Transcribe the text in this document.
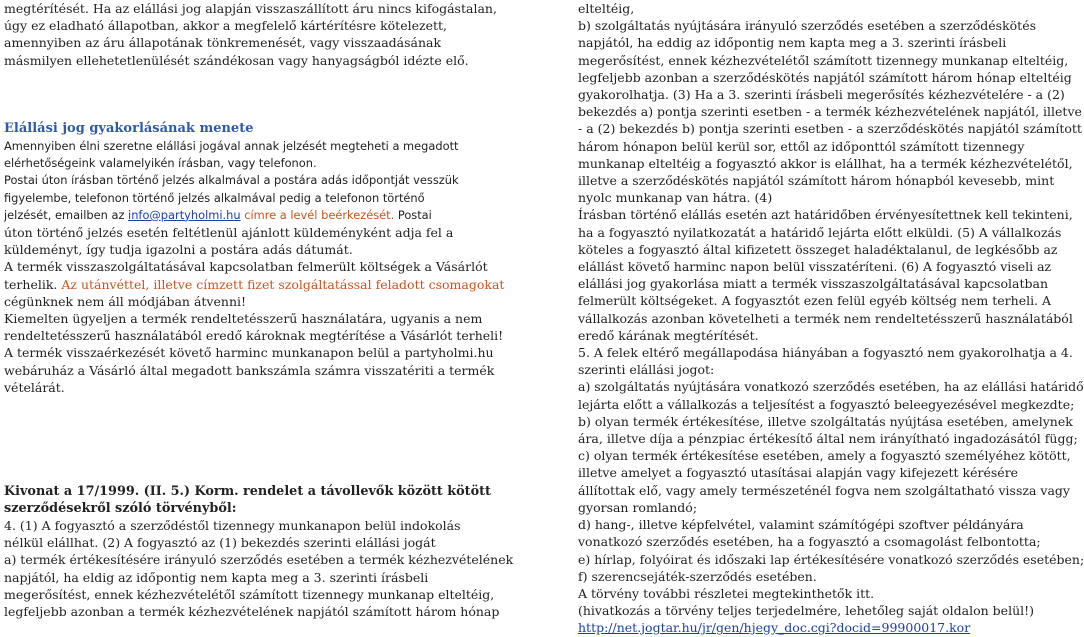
megtérítését. Ha az elállási jog alapján visszaszállított áru nincs kifogástalan,
úgy ez eladható állapotban, akkor a megfelelő kártérítésre kötelezett,
amennyiben az áru állapotának tönkremenését, vagy visszaadásának
másmilyen ellehetetlenülését szándékosan vagy hanyagságból idézte elő.

Elállási jog gyakorlásának menete

Amennyiben élni szeretne elállási jogával annak jelzését megteheti a megadott
elérhetőségeink valamelyikén írásban, vagy telefonon.
Postai úton írásban történő jelzés alkalmával a postára adás időpontját vesszük
figyelembe, telefonon történő jelzés alkalmával pedig a telefonon történő
jelzését, emailben az info@partyholmi.hu címre a levél beérkezését. Postai
úton történő jelzés esetén feltétlenül ajánlott küldeményként adja fel a
küldeményt, így tudja igazolni a postára adás dátumát.
A termék visszaszolgáltatásával kapcsolatban felmerült költségek a Vásárlót
terhelik. Az utánvéttel, illetve címzett fizet szolgáltatással feladott csomagokat
cégünknek nem áll módjában átvenni!
Kiemelten ügyeljen a termék rendeltetésszerű használatára, ugyanis a nem
rendeltetésszerű használatából eredő károknak megtérítése a Vásárlót terheli!
A termék visszaérkezését követő harminc munkanapon belül a partyholmi.hu
webáruház a Vásárló által megadott bankszámla számra visszatériti a termék
vételárát.
Kivonat a 17/1999. (II. 5.) Korm. rendelet a távollevők között kötött
szerződésekről szóló törvényből:
4. (1) A fogyasztó a szerződéstől tizennegy munkanapon belül indokolás
nélkül elállhat. (2) A fogyasztó az (1) bekezdés szerinti elállási jogát
a) termék értékesítésére irányuló szerződés esetében a termék kézhezvételének
napjától, ha eldig az időpontig nem kapta meg a 3. szerinti írásbeli
megerősítést, ennek kézhezvételétől számított tizennegy munkanap elteltéig,
legfeljebb azonban a termék kézhezvételének napjától számított három hónap
elteltéig,
b) szolgáltatás nyújtására irányuló szerződés esetében a szerződéskötés
napjától, ha eddig az időpontig nem kapta meg a 3. szerinti írásbeli
megerősítést, ennek kézhezvételétől számított tizennegy munkanap elteltéig,
legfeljebb azonban a szerződéskötés napjától számított három hónap elteltéig
gyakorolhatja. (3) Ha a 3. szerinti írásbeli megerősítés kézhezvételére - a (2)
bekezdés a) pontja szerinti esetben - a termék kézhezvételének napjától, illetve
- a (2) bekezdés b) pontja szerinti esetben - a szerződéskötés napjától számított
három hónapon belül kerül sor, ettől az időponttól számított tizennegy
munkanap elteltéig a fogyasztó akkor is elállhat, ha a termék kézhezvételétől,
illetve a szerződéskötés napjától számított három hónapból kevesebb, mint
nyolc munkanap van hátra. (4)
Írásban történő elállás esetén azt határidőben érvényesítettnek kell tekinteni,
ha a fogyasztó nyilatkozatát a határidő lejárta előtt elküldi. (5) A vállalkozás
köteles a fogyasztó által kifizetett összeget haladéktalanul, de legkésőbb az
elállást követő harminc napon belül visszatéríteni. (6) A fogyasztó viseli az
elállási jog gyakorlása miatt a termék visszaszolgáltatásával kapcsolatban
felmerült költségeket. A fogyasztót ezen felül egyéb költség nem terheli. A
vállalkozás azonban követelheti a termék nem rendeltetésszerű használatából
eredő kárának megtérítését.
5. A felek eltérő megállapodása hiányában a fogyasztó nem gyakorolhatja a 4.
szerinti elállási jogot:
a) szolgáltatás nyújtására vonatkozó szerződés esetében, ha az elállási határidő
lejárta előtt a vállalkozás a teljesítést a fogyasztó beleegyezésével megkezdte;
b) olyan termék értékesítése, illetve szolgáltatás nyújtása esetében, amelynek
ára, illetve díja a pénzpiac értékesítő által nem irányítható ingadozásától függ;
c) olyan termék értékesítése esetében, amely a fogyasztó személyéhez kötött,
illetve amelyet a fogyasztó utasításai alapján vagy kifejezett kérésére
állítottak elő, vagy amely természeténél fogva nem szolgáltatható vissza vagy
gyorsan romlandó;
d) hang-, illetve képfelvétel, valamint számítógépi szoftver példányára
vonatkozó szerződés esetében, ha a fogyasztó a csomagolást felbontotta;
e) hírlap, folyóirat és időszaki lap értékesítésére vonatkozó szerződés esetében;
f) szerencsejáték-szerződés esetében.
A törvény további részletei megtekinthetők itt.
(hivatkozás a törvény teljes terjedelmére, lehetőleg saját oldalon belül!)
http://net.jogtar.hu/jr/gen/hjegy_doc.cgi?docid=99900017.kor
